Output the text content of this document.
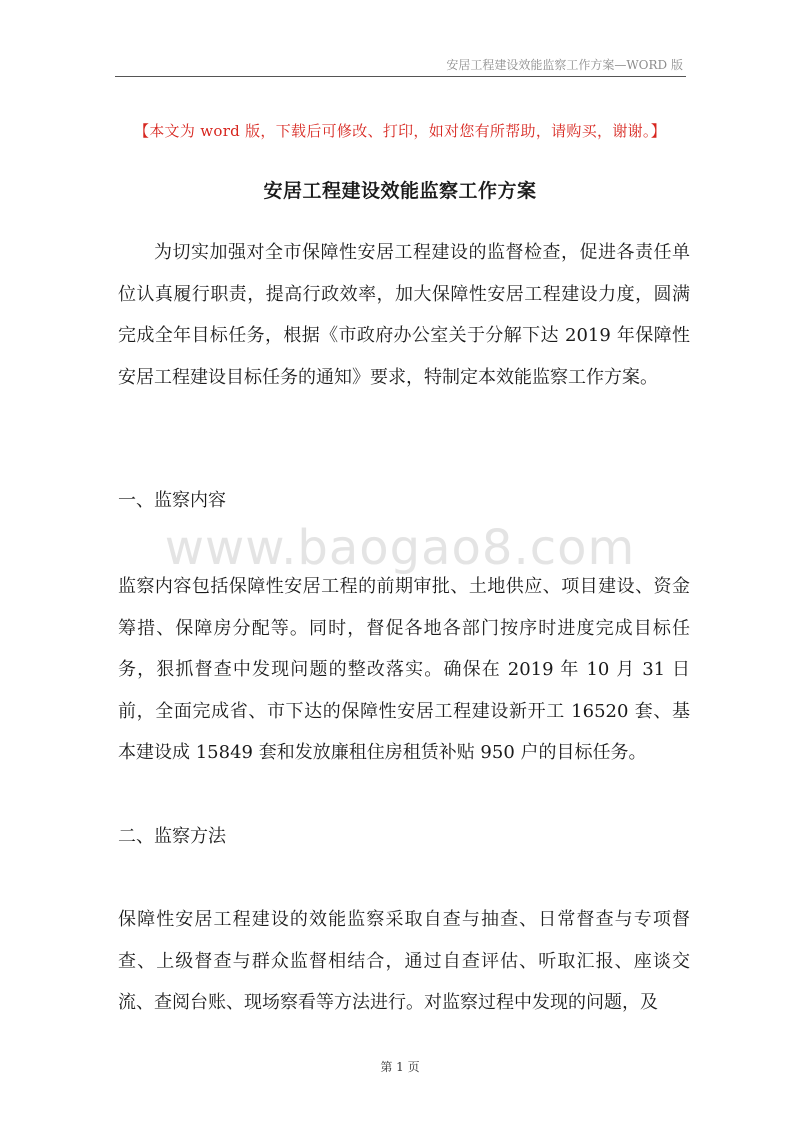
安居工程建设效能监察工作方案—WORD 版
【本文为 word 版，下载后可修改、打印，如对您有所帮助，请购买，谢谢。】
安居工程建设效能监察工作方案

为切实加强对全市保障性安居工程建设的监督检查，促进各责任单位认真履行职责，提高行政效率，加大保障性安居工程建设力度，圆满完成全年目标任务，根据《市政府办公室关于分解下达 2019 年保障性安居工程建设目标任务的通知》要求，特制定本效能监察工作方案。

一、监察内容

www.baogao8.com

监察内容包括保障性安居工程的前期审批、土地供应、项目建设、资金筹措、保障房分配等。同时，督促各地各部门按序时进度完成目标任务，狠抓督查中发现问题的整改落实。确保在 2019 年 10 月 31 日前，全面完成省、市下达的保障性安居工程建设新开工 16520 套、基本建设成 15849 套和发放廉租住房租赁补贴 950 户的目标任务。

二、监察方法

保障性安居工程建设的效能监察采取自查与抽查、日常督查与专项督查、上级督查与群众监督相结合，通过自查评估、听取汇报、座谈交流、查阅台账、现场察看等方法进行。对监察过程中发现的问题，及

第 1 页
